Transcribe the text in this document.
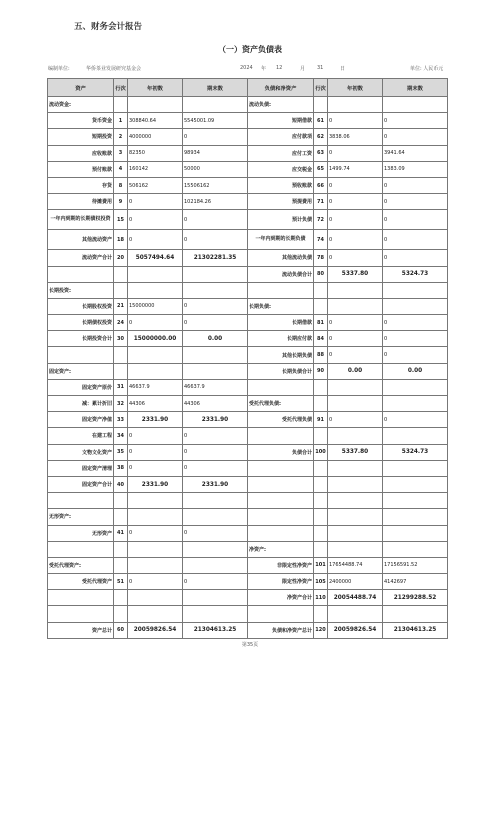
五、财务会计报告
（一）资产负债表
编制单位:	华侨茶业发展研究基金会	2024 年 12	月 31	日	单位: 人民币元
资产	行次	年初数	期末数	负债和净资产	行次	年初数	期末数
流动资金:				流动负债:			
货币资金	1	308840.64	5545001.09	短期借款	61	0	0
短期投资	2	4000000	0	应付款项	62	3838.06	0
应收账款	3	82350	98934	应付工资	63	0	3941.64
预付账款	4	160142	50000	应交税金	65	1499.74	1383.09
存货	8	506162	15506162	预收账款	66	0	0
待摊费用	9	0	102184.26	预提费用	71	0	0
一年内到期的长期债权投资	15	0	0	预计负债	72	0	0
其他流动资产	18	0	0	一年内到期的长期负债	74	0	0
流动资产合计	20	5057494.64	21302281.35	其他流动负债	78	0	0
				流动负债合计	80	5337.80	5324.73
长期投资:							
长期股权投资	21	15000000	0	长期负债:			
长期债权投资	24	0	0	长期借款	81	0	0
长期投资合计	30	15000000.00	0.00	长期应付款	84	0	0
				其他长期负债	88	0	0
固定资产:				长期负债合计	90	0.00	0.00
固定资产原价	31	46637.9	46637.9				
减：累计折旧	32	44306	44306	受托代理负债:			
固定资产净值	33	2331.90	2331.90	受托代理负债	91	0	0
在建工程	34	0	0				
文物文化资产	35	0	0	负债合计	100	5337.80	5324.73
固定资产清理	38	0	0				
固定资产合计	40	2331.90	2331.90				

无形资产:							
无形资产	41	0	0				
				净资产:			
受托代理资产:				非限定性净资产	101	17654488.74	17156591.52
受托代理资产	51	0	0	限定性净资产	105	2400000	4142697
				净资产合计	110	20054488.74	21299288.52

资产总计	60	20059826.54	21304613.25	负债和净资产总计	120	20059826.54	21304613.25
第35页
